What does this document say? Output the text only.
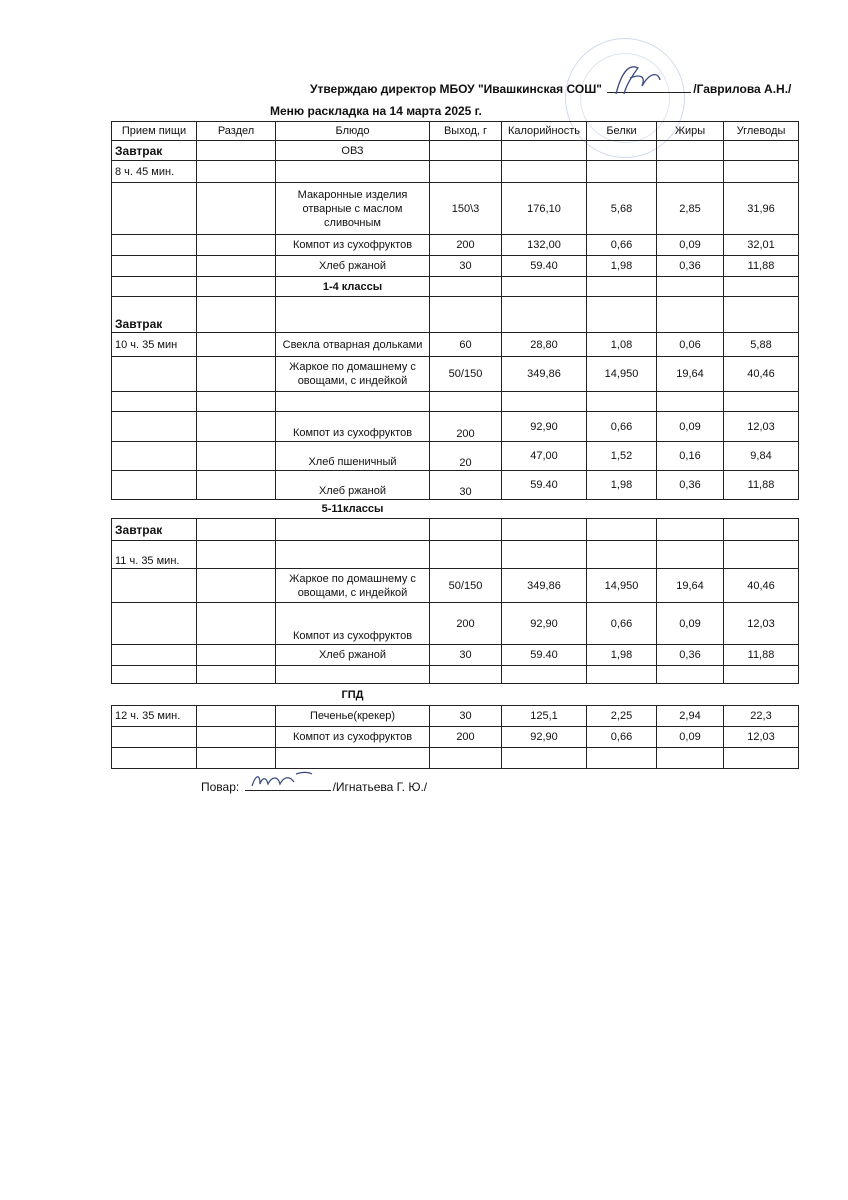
Утверждаю директор МБОУ "Ивашкинская СОШ"	/Гаврилова А.Н./
Меню раскладка на 14 марта 2025 г.
Прием пищи	Раздел	Блюдо	Выход, г	Калорийность	Белки	Жиры	Углеводы
Завтрак		ОВЗ					
8 ч. 45 мин.							
		Макаронные изделия отварные с маслом сливочным	150\3	176,10	5,68	2,85	31,96
		Компот из сухофруктов	200	132,00	0,66	0,09	32,01
		Хлеб ржаной	30	59.40	1,98	0,36	11,88
		1-4 классы					
Завтрак							
10 ч. 35 мин		Свекла отварная дольками	60	28,80	1,08	0,06	5,88
		Жаркое по домашнему с овощами, с индейкой	50/150	349,86	14,950	19,64	40,46

		Компот из сухофруктов	200	92,90	0,66	0,09	12,03
		Хлеб пшеничный	20	47,00	1,52	0,16	9,84
		Хлеб ржаной	30	59.40	1,98	0,36	11,88
		5-11классы					
Завтрак							
11 ч. 35 мин.							
		Жаркое по домашнему с овощами, с индейкой	50/150	349,86	14,950	19,64	40,46
		Компот из сухофруктов	200	92,90	0,66	0,09	12,03
		Хлеб ржаной	30	59.40	1,98	0,36	11,88

		ГПД					
12 ч. 35 мин.		Печенье(крекер)	30	125,1	2,25	2,94	22,3
		Компот из сухофруктов	200	92,90	0,66	0,09	12,03

Повар:	/Игнатьева Г. Ю./
